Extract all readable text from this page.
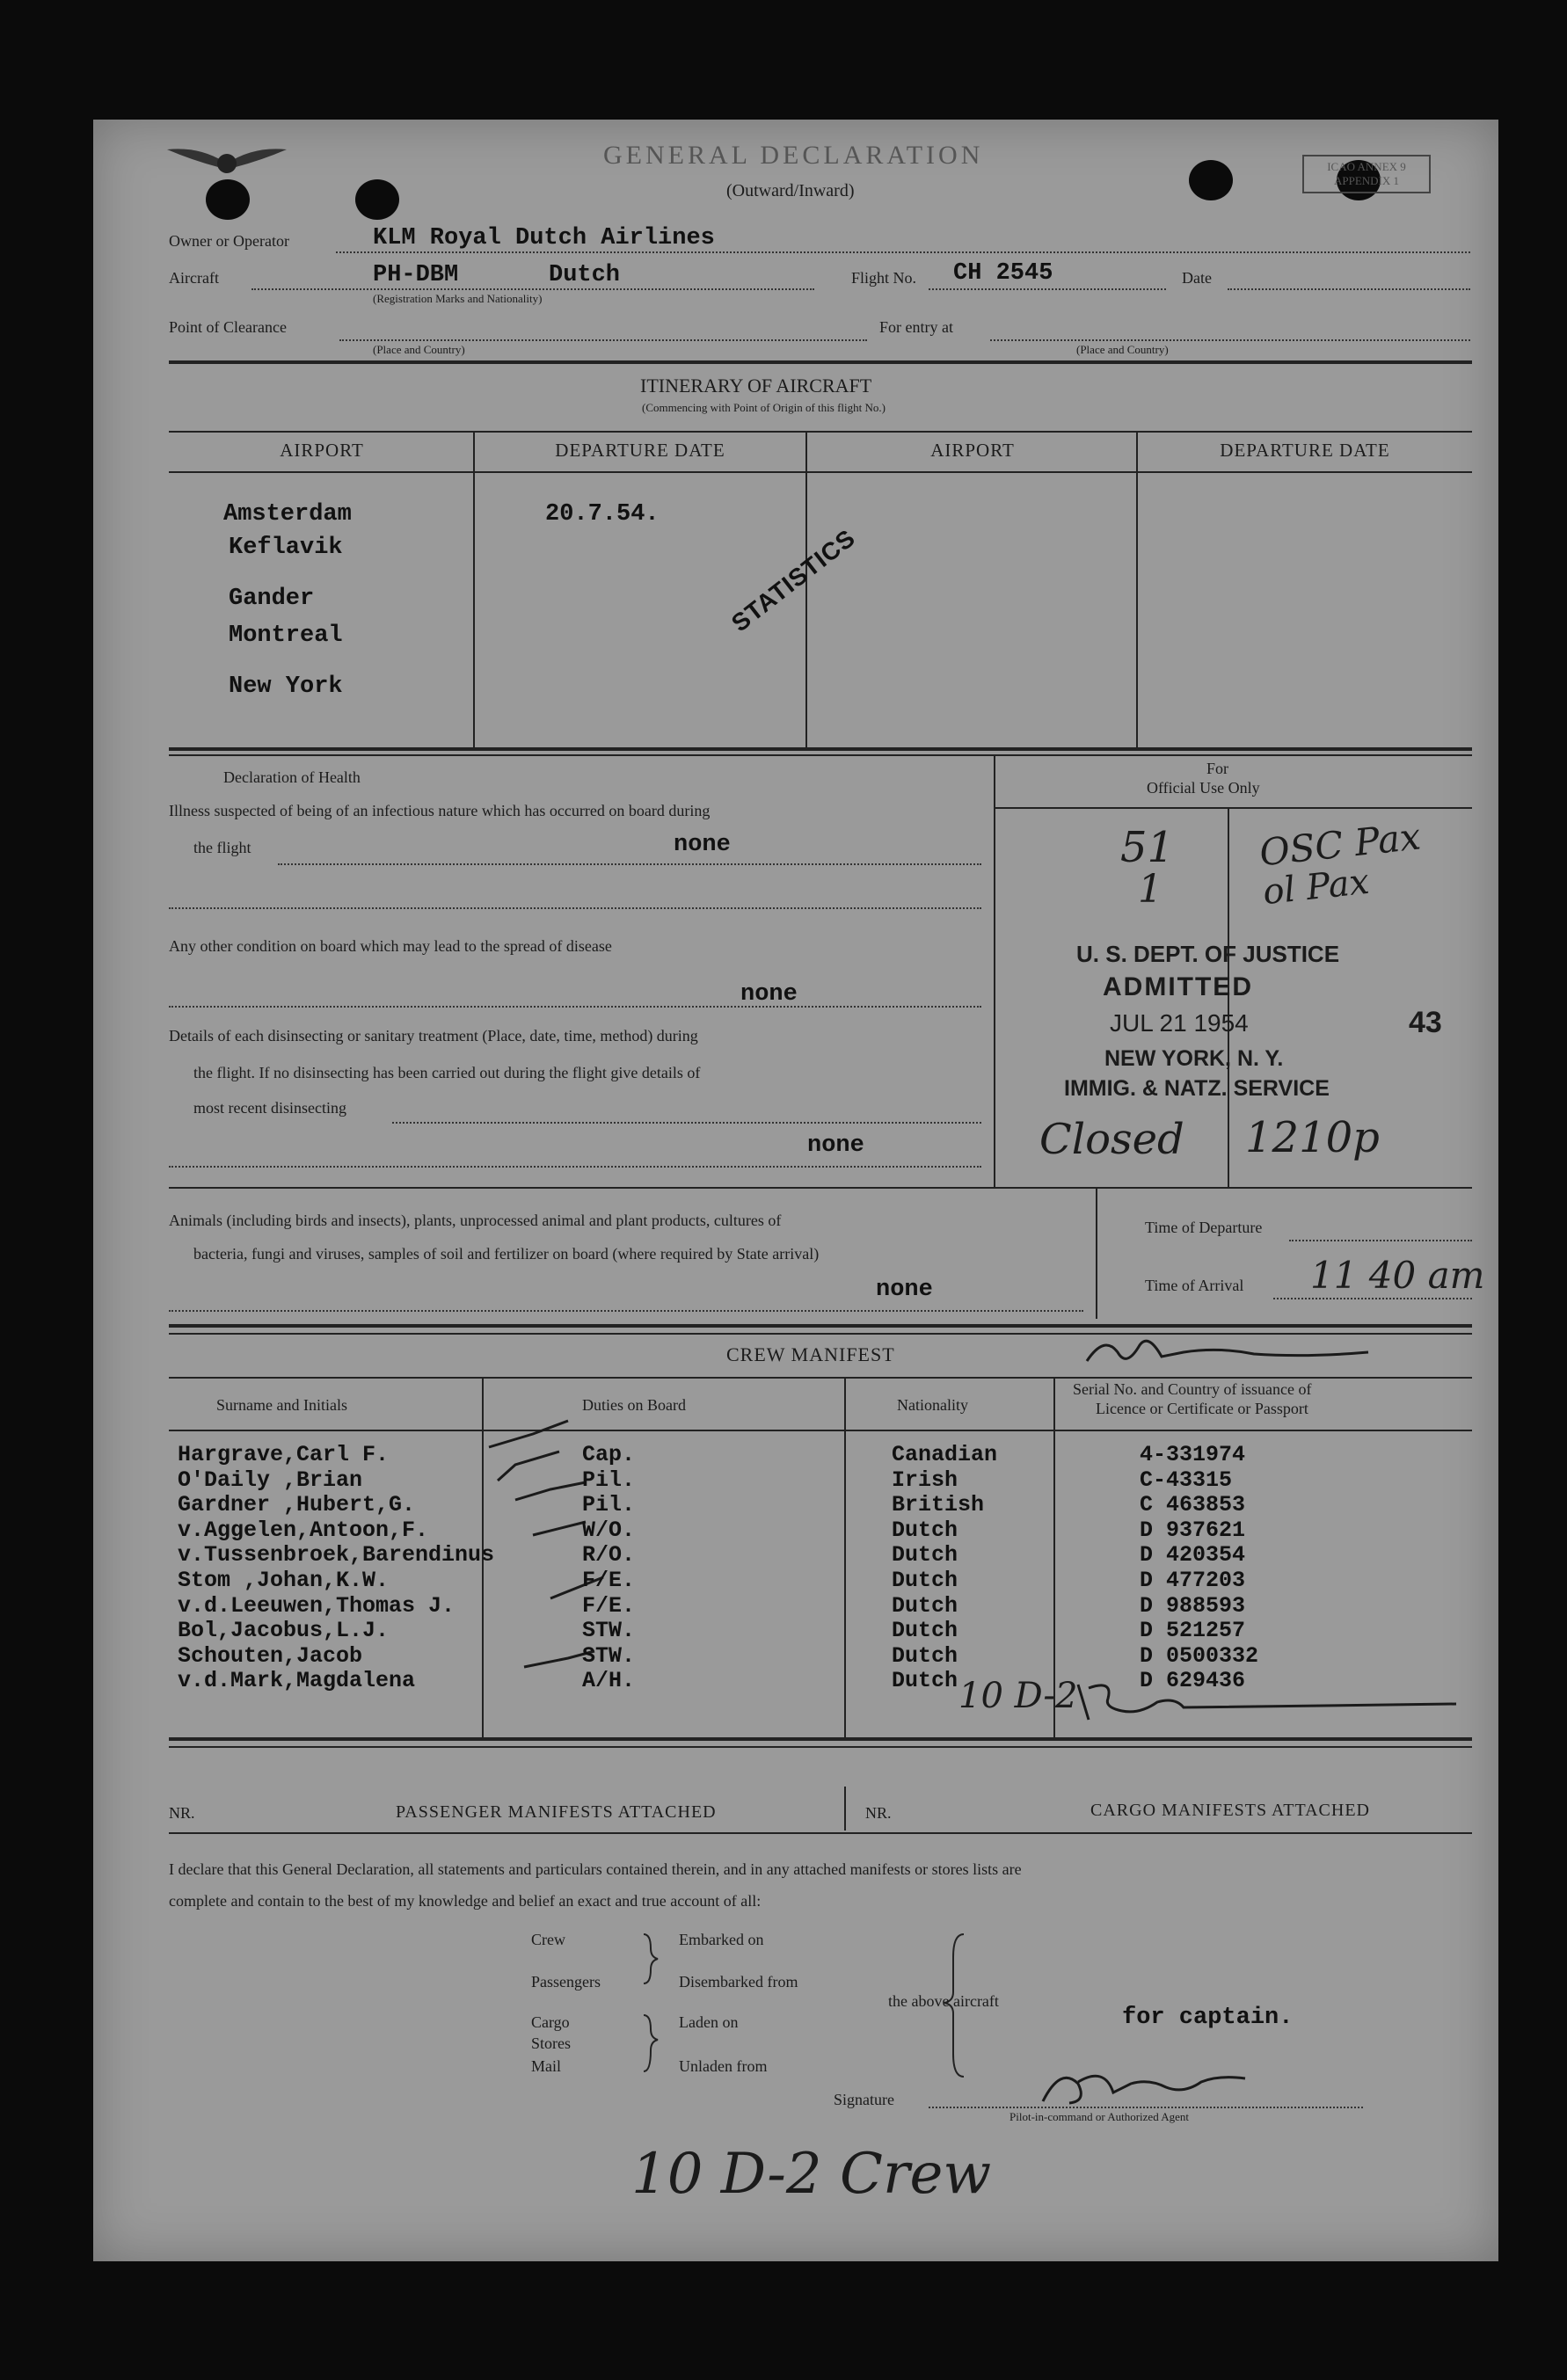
GENERAL DECLARATION
(Outward/Inward)
ICAO ANNEX 9 APPENDIX 1
Owner or Operator	KLM Royal Dutch Airlines
Aircraft	PH-DBM	Dutch
(Registration Marks and Nationality)
Flight No. CH 2545	Date
Point of Clearance
(Place and Country)
For entry at
(Place and Country)
ITINERARY OF AIRCRAFT
(Commencing with Point of Origin of this flight No.)
AIRPORT	DEPARTURE DATE	AIRPORT	DEPARTURE DATE
Amsterdam
Keflavik
Gander
Montreal
New York
20.7.54.
STATISTICS
Declaration of Health
Illness suspected of being of an infectious nature which has occurred on board during
the flight	none
Any other condition on board which may lead to the spread of disease
none
Details of each disinsecting or sanitary treatment (Place, date, time, method) during
the flight. If no disinsecting has been carried out during the flight give details of
most recent disinsecting
none
For
Official Use Only
51
1
OSC Pax
ol Pax
U. S. DEPT. OF JUSTICE
ADMITTED
JUL 21 1954	43
NEW YORK, N. Y.
IMMIG. & NATZ. SERVICE
Closed 1210p
Animals (including birds and insects), plants, unprocessed animal and plant products, cultures of
bacteria, fungi and viruses, samples of soil and fertilizer on board (where required by State arrival)
none
Time of Departure
Time of Arrival 11 40 am
CREW MANIFEST
Surname and Initials	Duties on Board	Nationality
Serial No. and Country of issuance of
Licence or Certificate or Passport
10 D-2
NR.	PASSENGER MANIFESTS ATTACHED	NR.	CARGO MANIFESTS ATTACHED
I declare that this General Declaration, all statements and particulars contained therein, and in any attached manifests or stores lists are
complete and contain to the best of my knowledge and belief an exact and true account of all:
Crew
Passengers
Cargo
Stores
Mail
Embarked on
Disembarked from
Laden on
Unladen from
the above aircraft
for captain.
Signature
Pilot-in-command or Authorized Agent
10 D-2 Crew
Hargrave,Carl F.	Cap.	Canadian	4-331974
O'Daily ,Brian	Pil.	Irish	C-43315
Gardner ,Hubert,G.	Pil.	British	C 463853
v.Aggelen,Antoon,F.	W/O.	Dutch	D 937621
v.Tussenbroek,Barendinus	R/O.	Dutch	D 420354
Stom ,Johan,K.W.	F/E.	Dutch	D 477203
v.d.Leeuwen,Thomas J.	F/E.	Dutch	D 988593
Bol,Jacobus,L.J.	STW.	Dutch	D 521257
Schouten,Jacob	STW.	Dutch	D 0500332
v.d.Mark,Magdalena	A/H.	Dutch	D 629436
